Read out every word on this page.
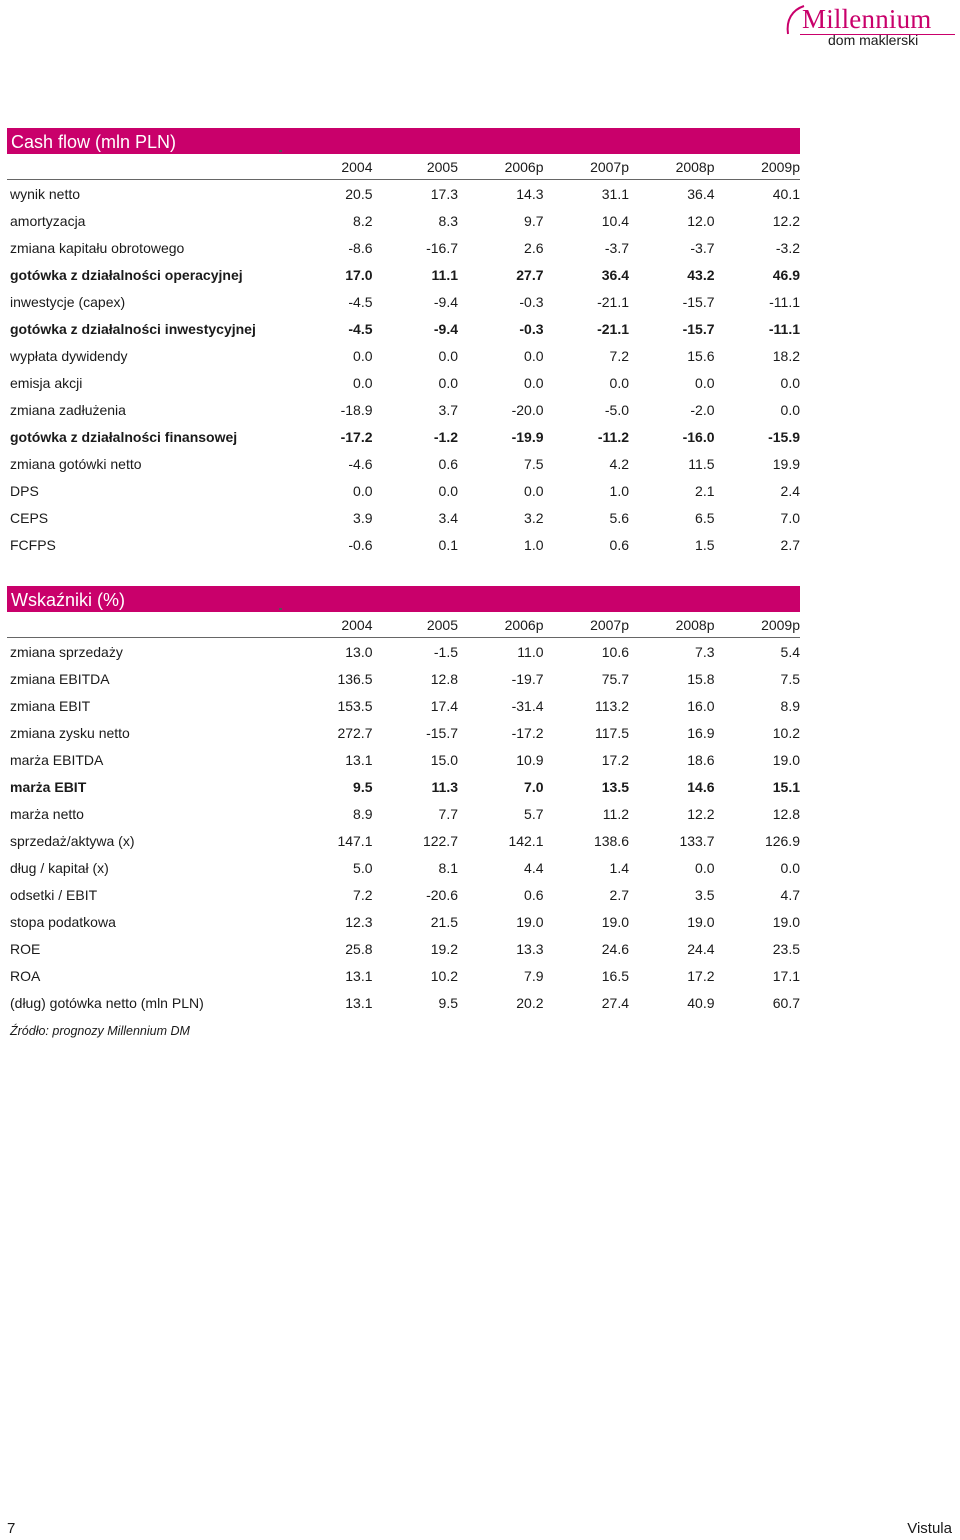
Millennium
dom maklerski
Cash flow (mln PLN)
	2004	2005	2006p	2007p	2008p	2009p
wynik netto	20.5	17.3	14.3	31.1	36.4	40.1
amortyzacja	8.2	8.3	9.7	10.4	12.0	12.2
zmiana kapitału obrotowego	-8.6	-16.7	2.6	-3.7	-3.7	-3.2
gotówka z działalności operacyjnej	17.0	11.1	27.7	36.4	43.2	46.9
inwestycje (capex)	-4.5	-9.4	-0.3	-21.1	-15.7	-11.1
gotówka z działalności inwestycyjnej	-4.5	-9.4	-0.3	-21.1	-15.7	-11.1
wypłata dywidendy	0.0	0.0	0.0	7.2	15.6	18.2
emisja akcji	0.0	0.0	0.0	0.0	0.0	0.0
zmiana zadłużenia	-18.9	3.7	-20.0	-5.0	-2.0	0.0
gotówka z działalności finansowej	-17.2	-1.2	-19.9	-11.2	-16.0	-15.9
zmiana gotówki netto	-4.6	0.6	7.5	4.2	11.5	19.9
DPS	0.0	0.0	0.0	1.0	2.1	2.4
CEPS	3.9	3.4	3.2	5.6	6.5	7.0
FCFPS	-0.6	0.1	1.0	0.6	1.5	2.7
Wskaźniki (%)
	2004	2005	2006p	2007p	2008p	2009p
zmiana sprzedaży	13.0	-1.5	11.0	10.6	7.3	5.4
zmiana EBITDA	136.5	12.8	-19.7	75.7	15.8	7.5
zmiana EBIT	153.5	17.4	-31.4	113.2	16.0	8.9
zmiana zysku netto	272.7	-15.7	-17.2	117.5	16.9	10.2
marża EBITDA	13.1	15.0	10.9	17.2	18.6	19.0
marża EBIT	9.5	11.3	7.0	13.5	14.6	15.1
marża netto	8.9	7.7	5.7	11.2	12.2	12.8
sprzedaż/aktywa (x)	147.1	122.7	142.1	138.6	133.7	126.9
dług / kapitał (x)	5.0	8.1	4.4	1.4	0.0	0.0
odsetki / EBIT	7.2	-20.6	0.6	2.7	3.5	4.7
stopa podatkowa	12.3	21.5	19.0	19.0	19.0	19.0
ROE	25.8	19.2	13.3	24.6	24.4	23.5
ROA	13.1	10.2	7.9	16.5	17.2	17.1
(dług) gotówka netto (mln PLN)	13.1	9.5	20.2	27.4	40.9	60.7
Źródło: prognozy Millennium DM
7	Vistula
